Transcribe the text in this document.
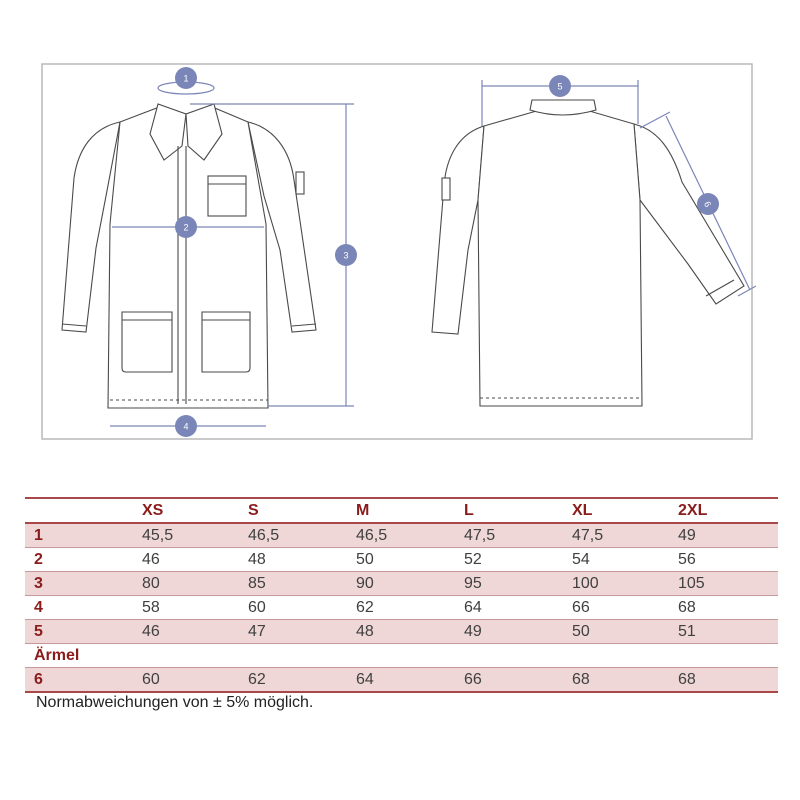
1
2
3
4
5
6
	XS	S	M	L	XL	2XL
1	45,5	46,5	46,5	47,5	47,5	49
2	46	48	50	52	54	56
3	80	85	90	95	100	105
4	58	60	62	64	66	68
5	46	47	48	49	50	51
Ärmel						
6	60	62	64	66	68	68
Normabweichungen von ± 5% möglich.
